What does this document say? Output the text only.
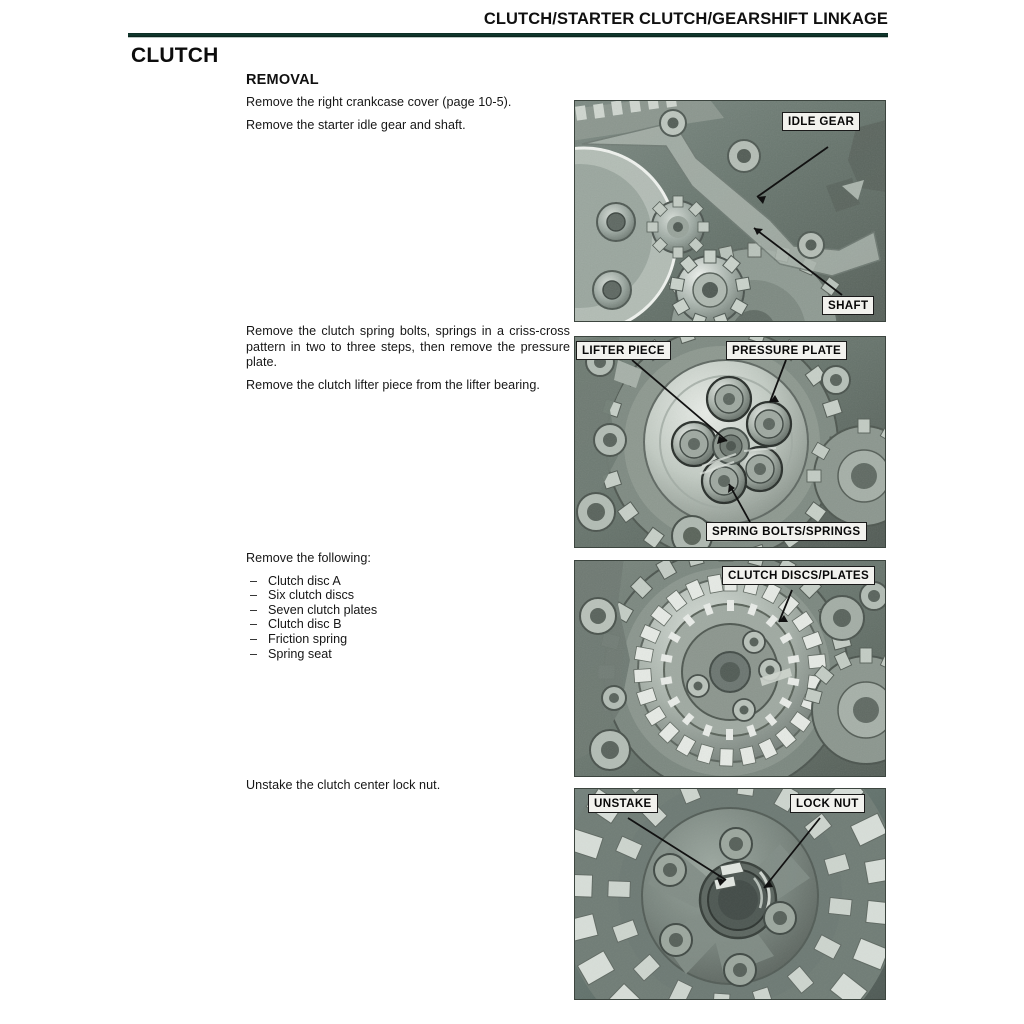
CLUTCH/STARTER CLUTCH/GEARSHIFT LINKAGE
CLUTCH
REMOVAL

Remove the right crankcase cover (page 10-5).

Remove the starter idle gear and shaft.

Remove the clutch spring bolts, springs in a criss-cross pattern in two to three steps, then remove the pressure plate.

Remove the clutch lifter piece from the lifter bearing.

Remove the following:

– Clutch disc A
– Six clutch discs
– Seven clutch plates
– Clutch disc B
– Friction spring
– Spring seat

Unstake the clutch center lock nut.

IDLE GEAR
SHAFT
LIFTER PIECE	PRESSURE PLATE
SPRING BOLTS/SPRINGS
CLUTCH DISCS/PLATES
UNSTAKE	LOCK NUT
